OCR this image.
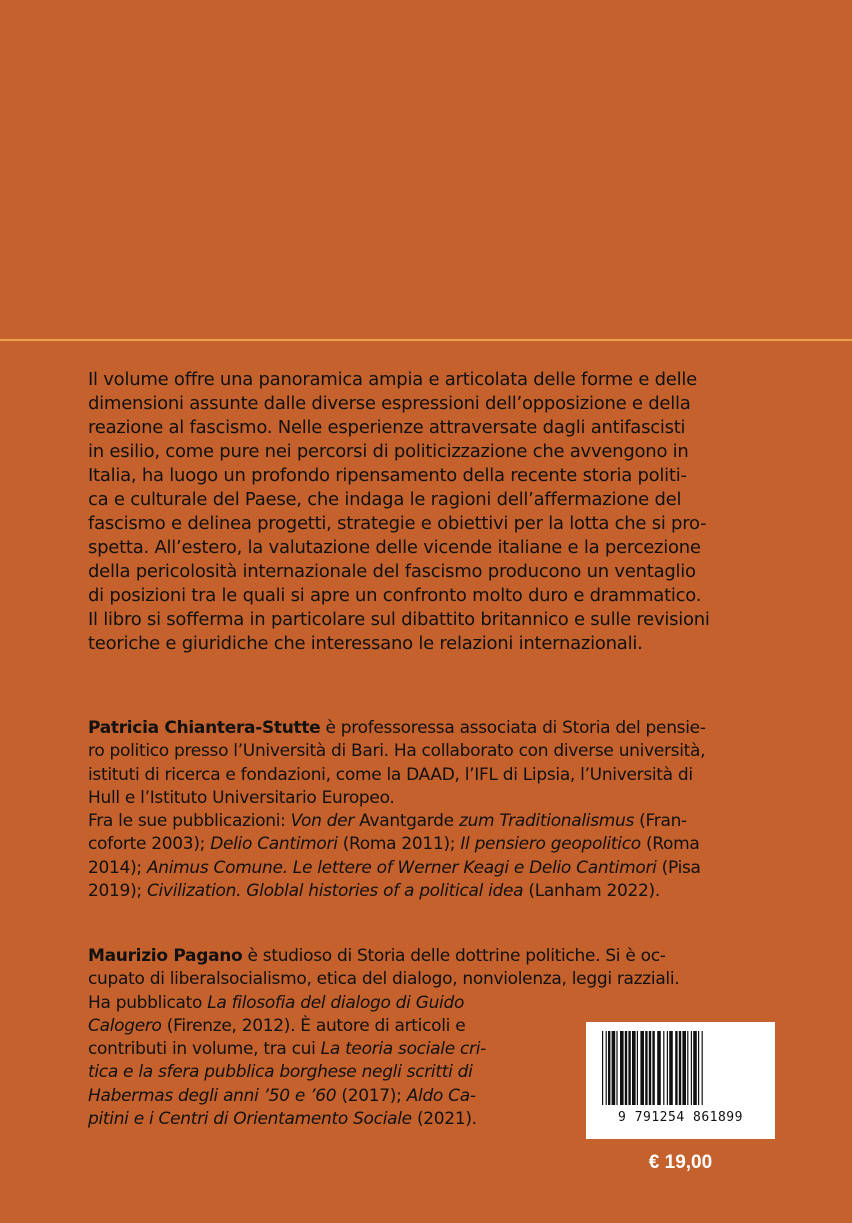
Il volume offre una panoramica ampia e articolata delle forme e delle
dimensioni assunte dalle diverse espressioni dell’opposizione e della
reazione al fascismo. Nelle esperienze attraversate dagli antifascisti
in esilio, come pure nei percorsi di politicizzazione che avvengono in
Italia, ha luogo un profondo ripensamento della recente storia politi-
ca e culturale del Paese, che indaga le ragioni dell’affermazione del
fascismo e delinea progetti, strategie e obiettivi per la lotta che si pro-
spetta. All’estero, la valutazione delle vicende italiane e la percezione
della pericolosità internazionale del fascismo producono un ventaglio
di posizioni tra le quali si apre un confronto molto duro e drammatico.
Il libro si sofferma in particolare sul dibattito britannico e sulle revisioni
teoriche e giuridiche che interessano le relazioni internazionali.

Patricia Chiantera-Stutte è professoressa associata di Storia del pensie-
ro politico presso l’Università di Bari. Ha collaborato con diverse università,
istituti di ricerca e fondazioni, come la DAAD, l’IFL di Lipsia, l’Università di
Hull e l’Istituto Universitario Europeo.
Fra le sue pubblicazioni: Von der Avantgarde zum Traditionalismus (Fran-
coforte 2003); Delio Cantimori (Roma 2011); Il pensiero geopolitico (Roma
2014); Animus Comune. Le lettere of Werner Keagi e Delio Cantimori (Pisa
2019); Civilization. Globlal histories of a political idea (Lanham 2022).

Maurizio Pagano è studioso di Storia delle dottrine politiche. Si è oc-
cupato di liberalsocialismo, etica del dialogo, nonviolenza, leggi razziali.
Ha pubblicato La filosofia del dialogo di Guido
Calogero (Firenze, 2012). È autore di articoli e
contributi in volume, tra cui La teoria sociale cri-
tica e la sfera pubblica borghese negli scritti di
Habermas degli anni ’50 e ’60 (2017); Aldo Ca-
pitini e i Centri di Orientamento Sociale (2021).	9 791254 861899
€ 19,00
